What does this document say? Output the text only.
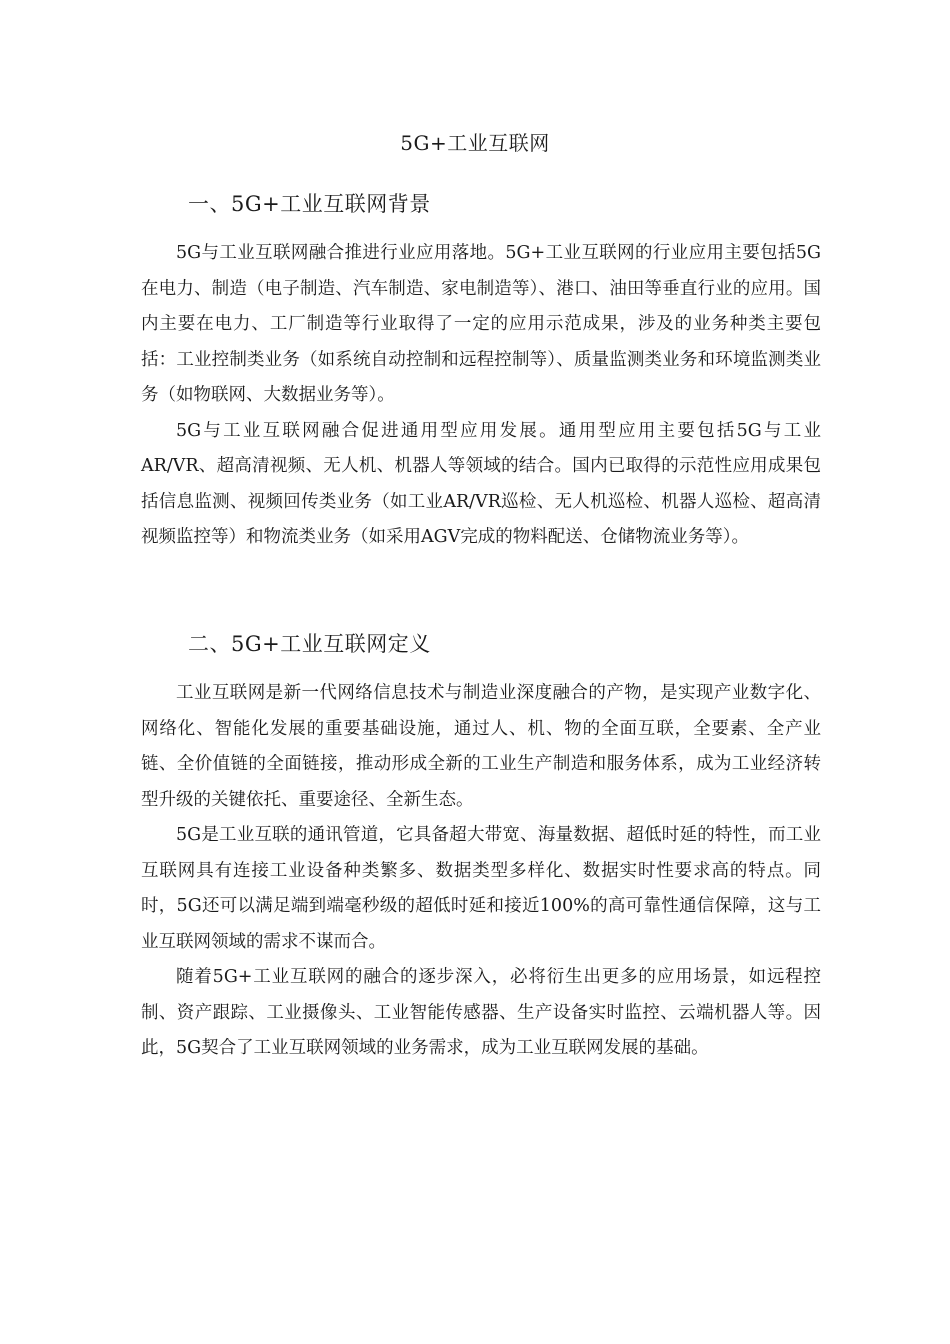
5G+工业互联网
一、5G+工业互联网背景

5G与工业互联网融合推进行业应用落地。5G+工业互联网的行业应用主要包括5G在电力、制造（电子制造、汽车制造、家电制造等）、港口、油田等垂直行业的应用。国内主要在电力、工厂制造等行业取得了一定的应用示范成果，涉及的业务种类主要包括：工业控制类业务（如系统自动控制和远程控制等）、质量监测类业务和环境监测类业务（如物联网、大数据业务等）。

5G与工业互联网融合促进通用型应用发展。通用型应用主要包括5G与工业AR/VR、超高清视频、无人机、机器人等领域的结合。国内已取得的示范性应用成果包括信息监测、视频回传类业务（如工业AR/VR巡检、无人机巡检、机器人巡检、超高清视频监控等）和物流类业务（如采用AGV完成的物料配送、仓储物流业务等）。

二、5G+工业互联网定义

工业互联网是新一代网络信息技术与制造业深度融合的产物，是实现产业数字化、网络化、智能化发展的重要基础设施，通过人、机、物的全面互联，全要素、全产业链、全价值链的全面链接，推动形成全新的工业生产制造和服务体系，成为工业经济转型升级的关键依托、重要途径、全新生态。

5G是工业互联的通讯管道，它具备超大带宽、海量数据、超低时延的特性，而工业互联网具有连接工业设备种类繁多、数据类型多样化、数据实时性要求高的特点。同时，5G还可以满足端到端毫秒级的超低时延和接近100%的高可靠性通信保障，这与工业互联网领域的需求不谋而合。

随着5G+工业互联网的融合的逐步深入，必将衍生出更多的应用场景，如远程控制、资产跟踪、工业摄像头、工业智能传感器、生产设备实时监控、云端机器人等。因此，5G契合了工业互联网领域的业务需求，成为工业互联网发展的基础。
